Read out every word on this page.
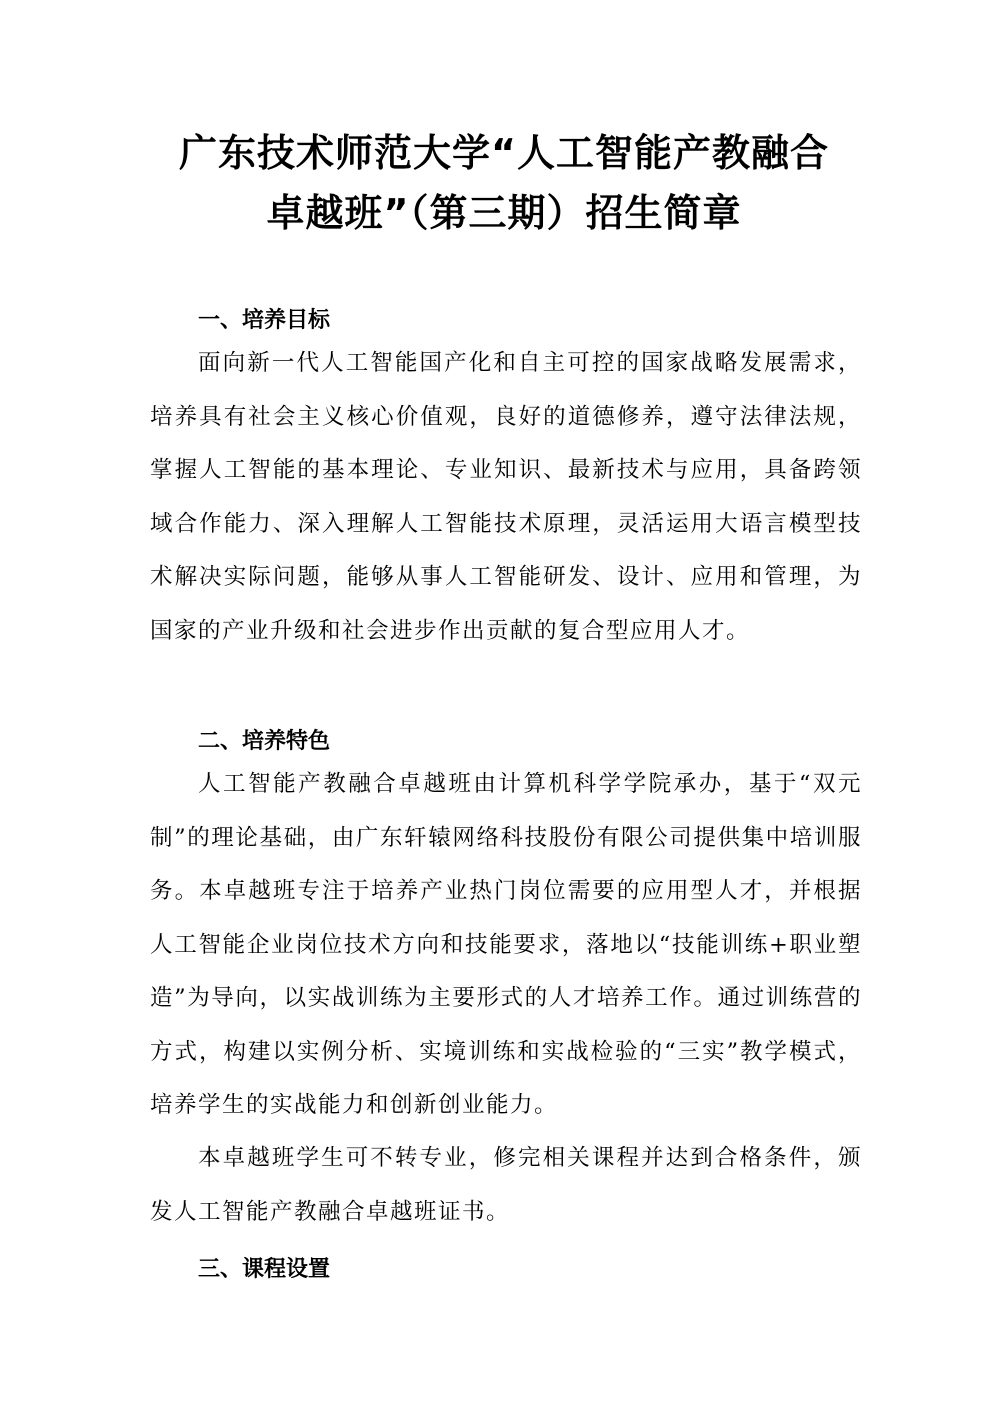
广东技术师范大学“人工智能产教融合
卓越班”（第三期）招生简章
一、培养目标

面向新一代人工智能国产化和自主可控的国家战略发展需求，培养具有社会主义核心价值观，良好的道德修养，遵守法律法规，掌握人工智能的基本理论、专业知识、最新技术与应用，具备跨领域合作能力、深入理解人工智能技术原理，灵活运用大语言模型技术解决实际问题，能够从事人工智能研发、设计、应用和管理，为国家的产业升级和社会进步作出贡献的复合型应用人才。

二、培养特色

人工智能产教融合卓越班由计算机科学学院承办，基于“双元制”的理论基础，由广东轩辕网络科技股份有限公司提供集中培训服务。本卓越班专注于培养产业热门岗位需要的应用型人才，并根据人工智能企业岗位技术方向和技能要求，落地以“技能训练+职业塑造”为导向，以实战训练为主要形式的人才培养工作。通过训练营的方式，构建以实例分析、实境训练和实战检验的“三实”教学模式，培养学生的实战能力和创新创业能力。

本卓越班学生可不转专业，修完相关课程并达到合格条件，颁发人工智能产教融合卓越班证书。

三、课程设置
